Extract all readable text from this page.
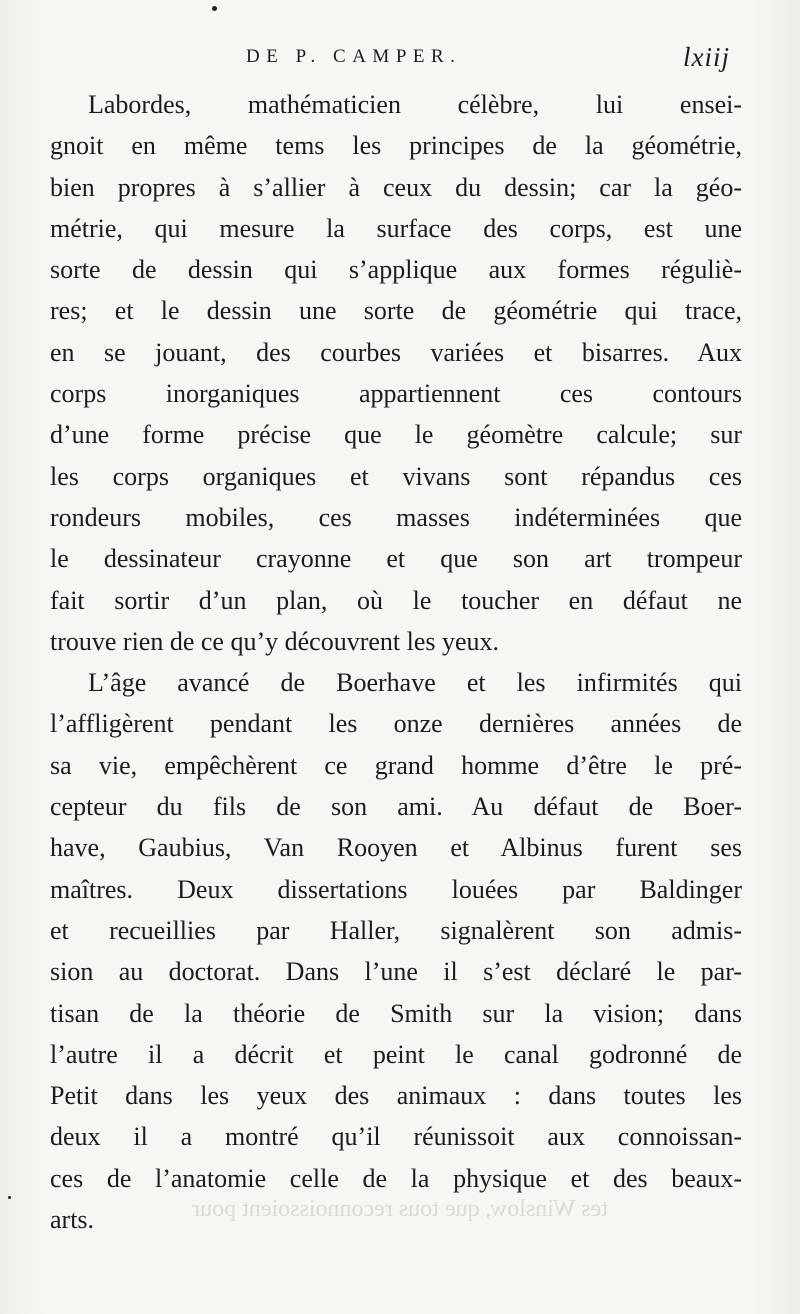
DE P. CAMPER.	lxiij
tes Winslow, que tous reconnoissoient pour
Labordes, mathématicien célèbre, lui ensei-
gnoit en même tems les principes de la géométrie,
bien propres à s’allier à ceux du dessin; car la géo-
métrie, qui mesure la surface des corps, est une
sorte de dessin qui s’applique aux formes réguliè-
res; et le dessin une sorte de géométrie qui trace,
en se jouant, des courbes variées et bisarres. Aux
corps inorganiques appartiennent ces contours
d’une forme précise que le géomètre calcule; sur
les corps organiques et vivans sont répandus ces
rondeurs mobiles, ces masses indéterminées que
le dessinateur crayonne et que son art trompeur
fait sortir d’un plan, où le toucher en défaut ne
trouve rien de ce qu’y découvrent les yeux.
L’âge avancé de Boerhave et les infirmités qui
l’affligèrent pendant les onze dernières années de
sa vie, empêchèrent ce grand homme d’être le pré-
cepteur du fils de son ami. Au défaut de Boer-
have, Gaubius, Van Rooyen et Albinus furent ses
maîtres. Deux dissertations louées par Baldinger
et recueillies par Haller, signalèrent son admis-
sion au doctorat. Dans l’une il s’est déclaré le par-
tisan de la théorie de Smith sur la vision; dans
l’autre il a décrit et peint le canal godronné de
Petit dans les yeux des animaux : dans toutes les
deux il a montré qu’il réunissoit aux connoissan-
ces de l’anatomie celle de la physique et des beaux-
arts.
